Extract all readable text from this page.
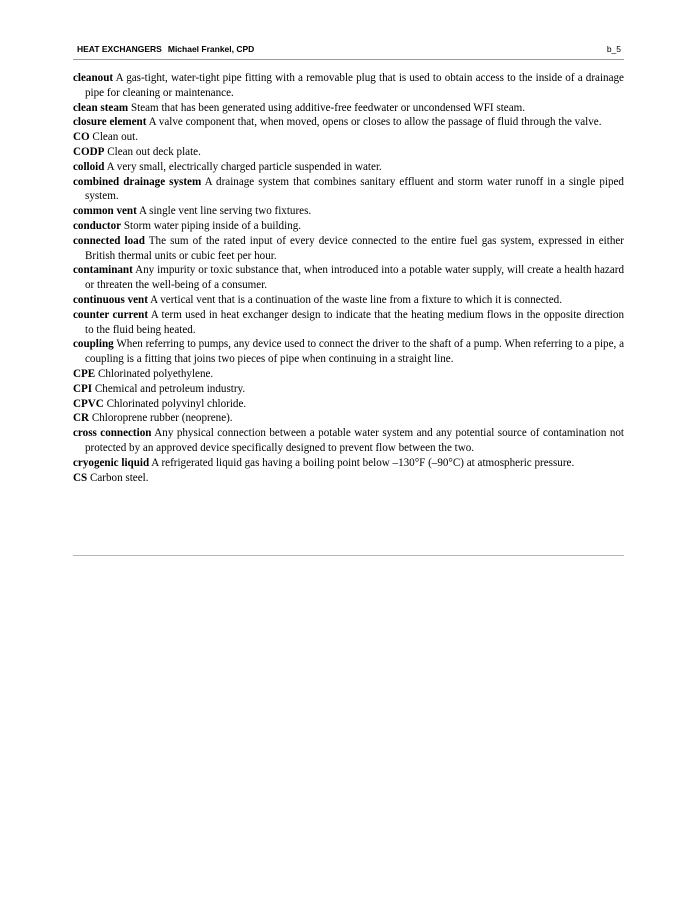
HEAT EXCHANGERS Michael Frankel, CPD	b_5

cleanout A gas-tight, water-tight pipe fitting with a removable plug that is used to obtain access to the inside of a drainage pipe for cleaning or maintenance.

clean steam Steam that has been generated using additive-free feedwater or uncondensed WFI steam.

closure element A valve component that, when moved, opens or closes to allow the passage of fluid through the valve.

CO Clean out.

CODP Clean out deck plate.

colloid A very small, electrically charged particle suspended in water.

combined drainage system A drainage system that combines sanitary effluent and storm water runoff in a single piped system.

common vent A single vent line serving two fixtures.

conductor Storm water piping inside of a building.

connected load The sum of the rated input of every device connected to the entire fuel gas system, expressed in either British thermal units or cubic feet per hour.

contaminant Any impurity or toxic substance that, when introduced into a potable water supply, will create a health hazard or threaten the well-being of a consumer.

continuous vent A vertical vent that is a continuation of the waste line from a fixture to which it is connected.

counter current A term used in heat exchanger design to indicate that the heating medium flows in the opposite direction to the fluid being heated.

coupling When referring to pumps, any device used to connect the driver to the shaft of a pump. When referring to a pipe, a coupling is a fitting that joins two pieces of pipe when continuing in a straight line.

CPE Chlorinated polyethylene.

CPI Chemical and petroleum industry.

CPVC Chlorinated polyvinyl chloride.

CR Chloroprene rubber (neoprene).

cross connection Any physical connection between a potable water system and any potential source of contamination not protected by an approved device specifically designed to prevent flow between the two.

cryogenic liquid A refrigerated liquid gas having a boiling point below –130°F (–90°C) at atmospheric pressure.

CS Carbon steel.
